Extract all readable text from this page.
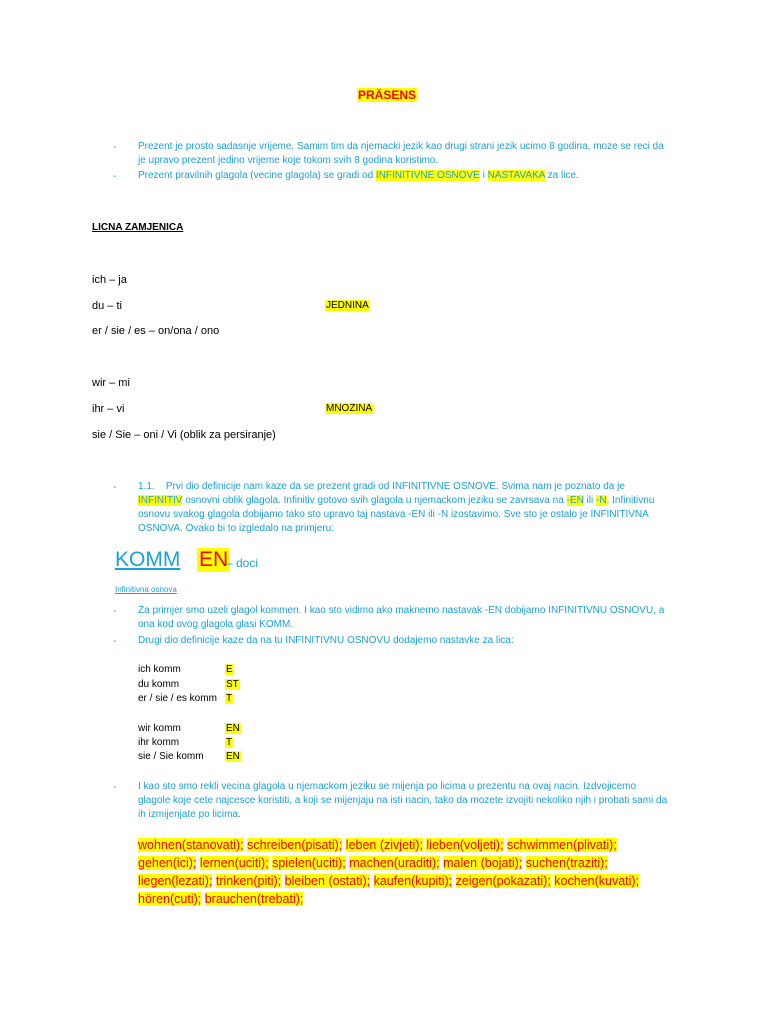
PRÄSENS
- Prezent je prosto sadasnje vrijeme. Samim tim da njemacki jezik kao drugi strani jezik ucimo 8 godina, moze se reci da je upravo prezent jedino vrijeme koje tokom svih 8 godina koristimo.
- Prezent pravilnih glagola (vecine glagola) se gradi od INFINITIVNE OSNOVE i NASTAVAKA za lice.
LICNA ZAMJENICA
ich – ja
du – ti	JEDNINA
er / sie / es – on/ona / ono
wir – mi
ihr – vi	MNOZINA
sie / Sie – oni / Vi (oblik za persiranje)
- 1.1. Prvi dio definicije nam kaze da se prezent gradi od INFINITIVNE OSNOVE. Svima nam je poznato da je INFINITIV osnovni oblik glagola. Infinitiv gotovo svih glagola u njemackom jeziku se zavrsava na -EN ili -N. Infinitivnu osnovu svakog glagola dobijamo tako sto upravo taj nastava -EN ili -N izostavimo. Sve sto je ostalo je INFINITIVNA OSNOVA. Ovako bi to izgledalo na primjeru:
KOMM EN
– doci
Infinitivna osnova
- Za primjer smo uzeli glagol kommen. I kao sto vidimo ako maknemo nastavak -EN dobijamo INFINITIVNU OSNOVU, a ona kod ovog glagola glasi KOMM.
- Drugi dio definicije kaze da na tu INFINITIVNU OSNOVU dodajemo nastavke za lica:
ich komm	E
du komm	ST
er / sie / es komm T
wir komm	EN
ihr komm	T
sie / Sie komm EN
- I kao sto smo rekli vecina glagola u njemackom jeziku se mijenja po licima u prezentu na ovaj nacin. Izdvojicemo glagole koje cete najcesce koristiti, a koji se mijenjaju na isti nacin, tako da mozete izvojiti nekoliko njih i probati sami da ih izmijenjate po licima.
wohnen(stanovati); schreiben(pisati); leben (zivjeti); lieben(voljeti); schwimmen(plivati); gehen(ici); lernen(uciti); spielen(uciti); machen(uraditi); malen (bojati); suchen(traziti); liegen(lezati); trinken(piti); bleiben (ostati); kaufen(kupiti); zeigen(pokazati); kochen(kuvati); hören(cuti); brauchen(trebati);
